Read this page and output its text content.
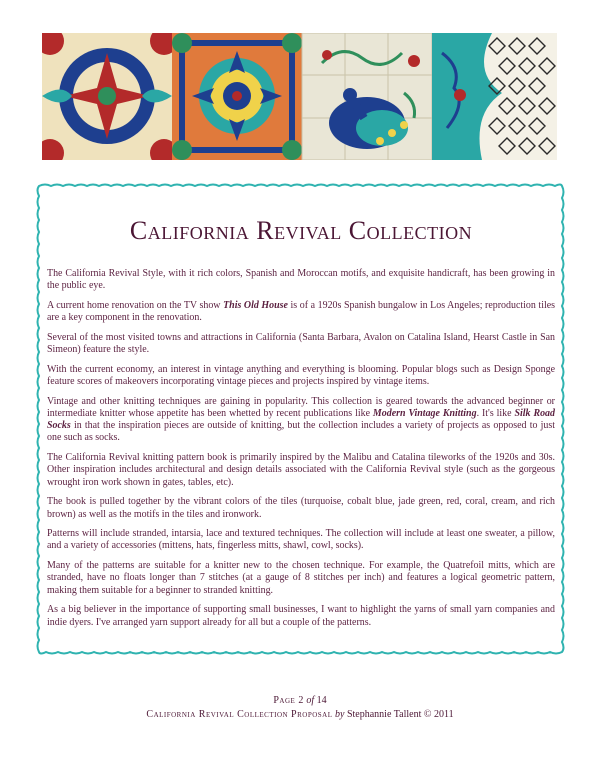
California Revival Collection

The California Revival Style, with it rich colors, Spanish and Moroccan motifs, and exquisite handicraft, has been growing in the public eye.

A current home renovation on the TV show This Old House is of a 1920s Spanish bungalow in Los Angeles; reproduction tiles are a key component in the renovation.

Several of the most visited towns and attractions in California (Santa Barbara, Avalon on Catalina Island, Hearst Castle in San Simeon) feature the style.

With the current economy, an interest in vintage anything and everything is blooming. Popular blogs such as Design Sponge feature scores of makeovers incorporating vintage pieces and projects inspired by vintage items.

Vintage and other knitting techniques are gaining in popularity. This collection is geared towards the advanced beginner or intermediate knitter whose appetite has been whetted by recent publications like Modern Vintage Knitting. It's like Silk Road Socks in that the inspiration pieces are outside of knitting, but the collection includes a variety of projects as opposed to just one such as socks.

The California Revival knitting pattern book is primarily inspired by the Malibu and Catalina tileworks of the 1920s and 30s. Other inspiration includes architectural and design details associated with the California Revival style (such as the gorgeous wrought iron work shown in gates, tables, etc).

The book is pulled together by the vibrant colors of the tiles (turquoise, cobalt blue, jade green, red, coral, cream, and rich brown) as well as the motifs in the tiles and ironwork.

Patterns will include stranded, intarsia, lace and textured techniques. The collection will include at least one sweater, a pillow, and a variety of accessories (mittens, hats, fingerless mitts, shawl, cowl, socks).

Many of the patterns are suitable for a knitter new to the chosen technique. For example, the Quatrefoil mitts, which are stranded, have no floats longer than 7 stitches (at a gauge of 8 stitches per inch) and features a logical geometric pattern, making them suitable for a beginner to stranded knitting.

As a big believer in the importance of supporting small businesses, I want to highlight the yarns of small yarn companies and indie dyers. I've arranged yarn support already for all but a couple of the patterns.

Page 2 of 14
California Revival Collection Proposal by Stephannie Tallent © 2011
